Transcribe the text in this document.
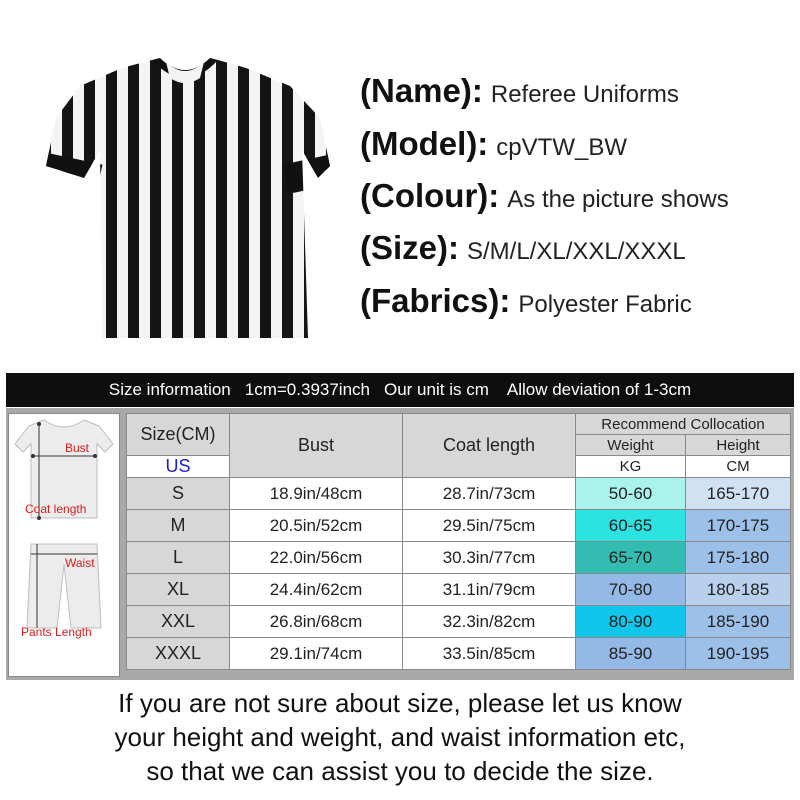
(Name): Referee Uniforms
(Model): cpVTW_BW
(Colour): As the picture shows
(Size): S/M/L/XL/XXL/XXXL
(Fabrics): Polyester Fabric
Size information 1cm=0.3937inch Our unit is cm Allow deviation of 1-3cm
Bust
Coat length
Waist
Pants Length
Size(CM)	Bust	Coat length	Recommend Collocation	
			Weight	Height
US			KG	CM
S	18.9in/48cm	28.7in/73cm	50-60	165-170
M	20.5in/52cm	29.5in/75cm	60-65	170-175
L	22.0in/56cm	30.3in/77cm	65-70	175-180
XL	24.4in/62cm	31.1in/79cm	70-80	180-185
XXL	26.8in/68cm	32.3in/82cm	80-90	185-190
XXXL	29.1in/74cm	33.5in/85cm	85-90	190-195
If you are not sure about size, please let us know
your height and weight, and waist information etc,
so that we can assist you to decide the size.
